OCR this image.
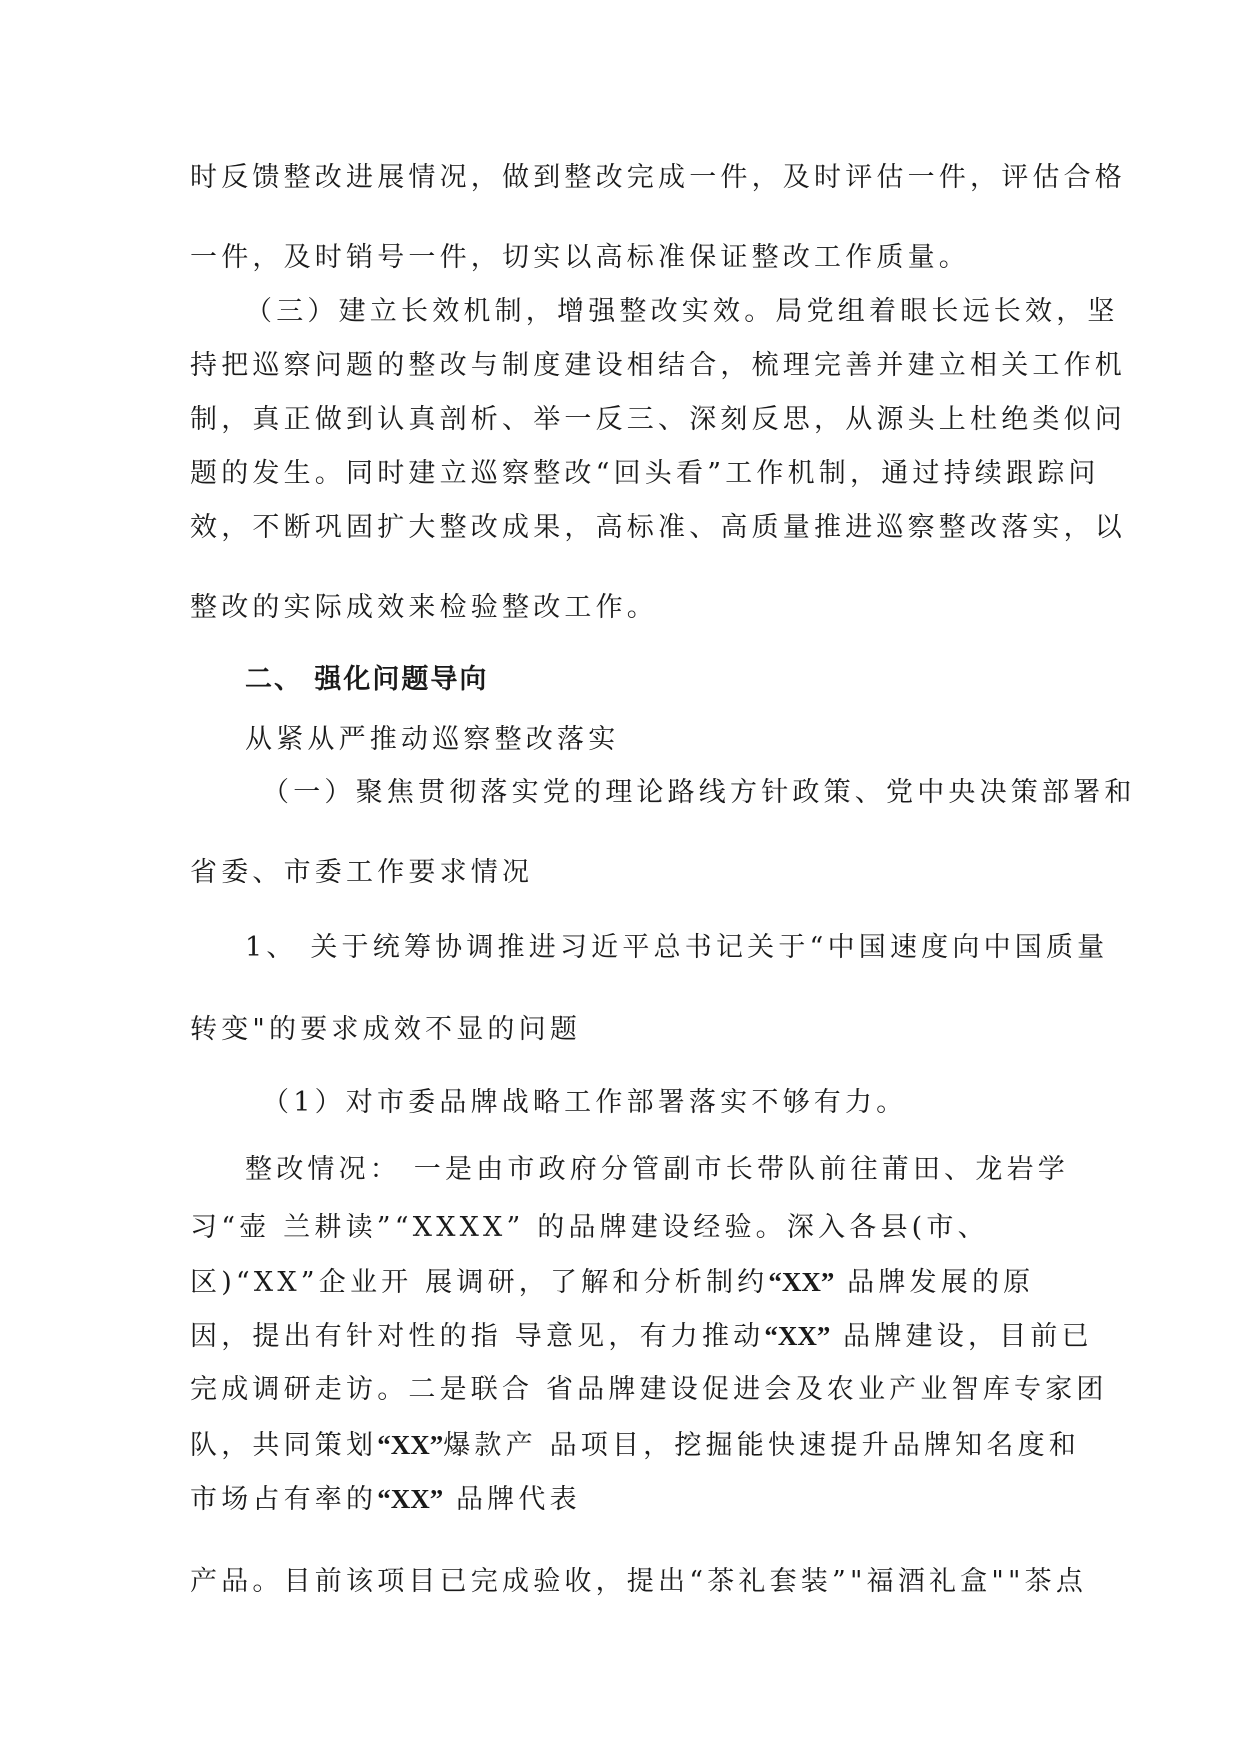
时反馈整改进展情况，做到整改完成一件，及时评估一件，评估合格
一件，及时销号一件，切实以高标准保证整改工作质量。
（三）建立长效机制，增强整改实效。局党组着眼长远长效，坚
持把巡察问题的整改与制度建设相结合，梳理完善并建立相关工作机
制，真正做到认真剖析、举一反三、深刻反思，从源头上杜绝类似问
题的发生。同时建立巡察整改“回头看”工作机制，通过持续跟踪问
效，不断巩固扩大整改成果，高标准、高质量推进巡察整改落实，以
整改的实际成效来检验整改工作。
二、 强化问题导向
从紧从严推动巡察整改落实
（一）聚焦贯彻落实党的理论路线方针政策、党中央决策部署和
省委、市委工作要求情况
1、 关于统筹协调推进习近平总书记关于“中国速度向中国质量
转变"的要求成效不显的问题
（1）对市委品牌战略工作部署落实不够有力。
整改情况： 一是由市政府分管副市长带队前往莆田、龙岩学
习“壶 兰耕读”“XXXX” 的品牌建设经验。深入各县(市、
区)“XX”企业开 展调研，了解和分析制约“XX” 品牌发展的原
因，提出有针对性的指 导意见，有力推动“XX” 品牌建设，目前已
完成调研走访。二是联合 省品牌建设促进会及农业产业智库专家团
队，共同策划“XX”爆款产 品项目，挖掘能快速提升品牌知名度和
市场占有率的“XX” 品牌代表
产品。目前该项目已完成验收，提出“茶礼套装”"福酒礼盒""茶点
